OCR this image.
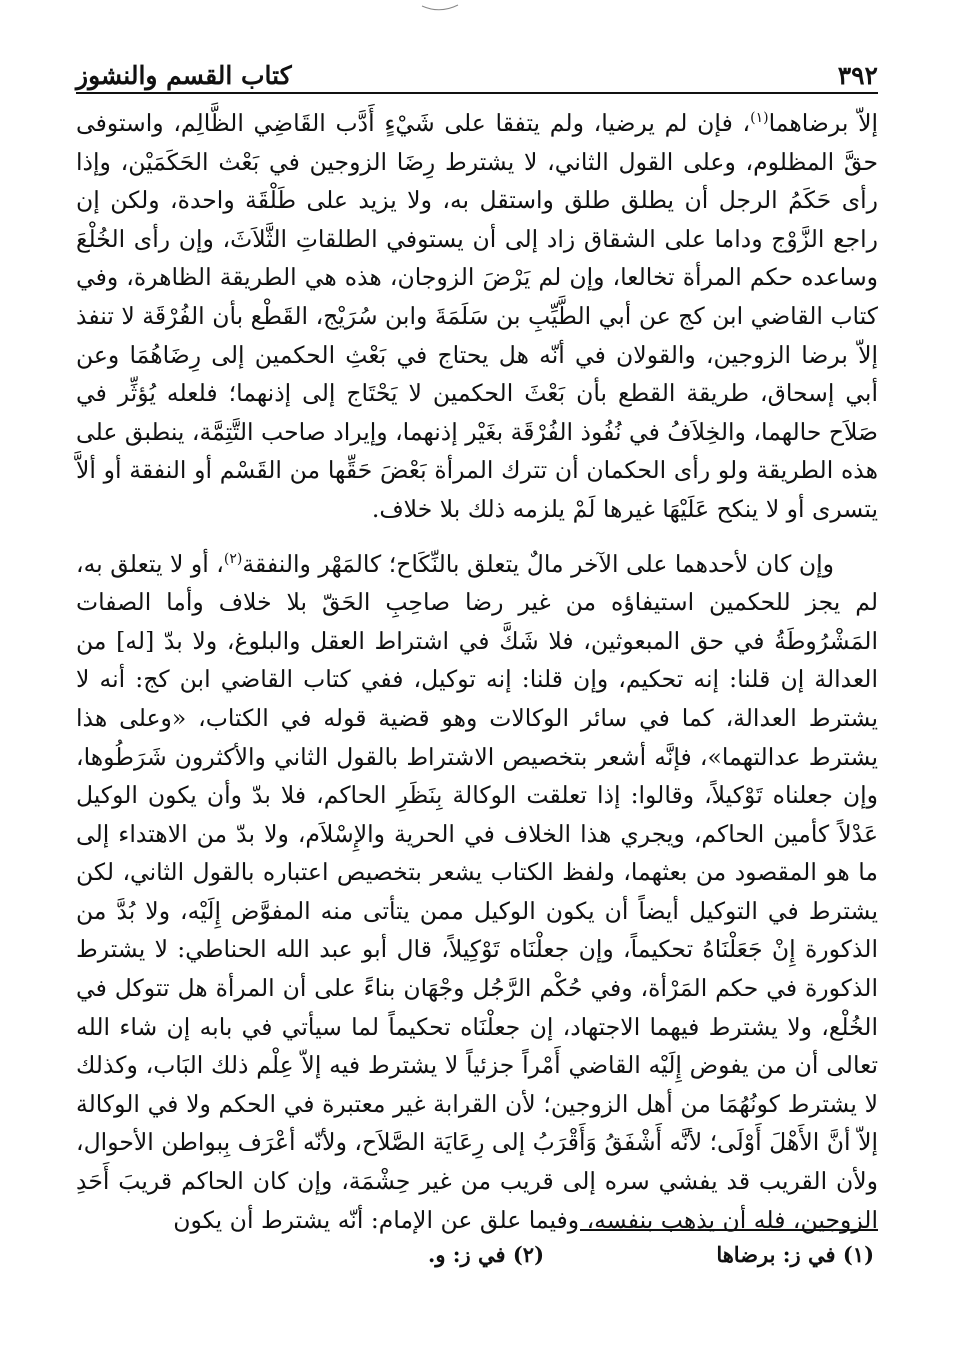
٣٩٢
كتاب القسم والنشوز

إلاّ برضاهما$^{(١)}$، فإن لم يرضيا، ولم يتفقا على شَيْءٍ أَدَّب القَاضِي الظَّالِم، واستوفى حقَّ المظلوم، وعلى القول الثاني، لا يشترط رِضَا الزوجين في بَعْث الحَكَمَيْن، وإذا رأى حَكَمُ الرجل أن يطلق طلق واستقل به، ولا يزيد على طَلْقَة واحدة، ولكن إن راجع الزَّوْج وداما على الشقاق زاد إلى أن يستوفي الطلقاتِ الثَّلاَثَ، وإن رأى الخُلْعَ وساعده حكم المرأة تخالعا، وإن لم يَرْضَ الزوجان، هذه هي الطريقة الظاهرة، وفي كتاب القاضي ابن كج عن أبي الطَّيِّبِ بن سَلَمَةَ وابن سُرَيْج، القَطْع بأن الفُرْقَة لا تنفذ إلاّ برضا الزوجين، والقولان في أنّه هل يحتاج في بَعْثِ الحكمين إلى رِضَاهُمَا وعن أبي إسحاق، طريقة القطع بأن بَعْثَ الحكمين لا يَحْتَاج إلى إذنهما؛ فلعله يُؤثِّر في صَلاَح حالهما، والخِلاَفُ في نُفُوذ الفُرْقَة بغَيْر إذنهما، وإيراد صاحب التَّتِمَّة، ينطبق على هذه الطريقة ولو رأى الحكمان أن تترك المرأة بَعْضَ حَقِّها من القَسْم أو النفقة أو ألاَّ يتسرى أو لا ينكح عَلَيْهَا غيرها لَمْ يلزمه ذلك بلا خلاف.

وإن كان لأحدهما على الآخر مالٌ يتعلق بالنِّكَاح؛ كالمَهْر والنفقة$^{(٢)}$، أو لا يتعلق به، لم يجز للحكمين استيفاؤه من غير رضا صاحِبِ الحَقّ بلا خلاف وأما الصفات المَشْرُوطَةُ في حق المبعوثين، فلا شَكَّ في اشتراط العقل والبلوغ، ولا بدّ [له] من العدالة إن قلنا: إنه تحكيم، وإن قلنا: إنه توكيل، ففي كتاب القاضي ابن كج: أنه لا يشترط العدالة، كما في سائر الوكالات وهو قضية قوله في الكتاب، «وعلى هذا يشترط عدالتهما»، فإنَّه أشعر بتخصيص الاشتراط بالقول الثاني والأكثرون شَرَطُوها، وإن جعلناه تَوْكيلاً، وقالوا: إذا تعلقت الوكالة بِنَظَرِ الحاكم، فلا بدّ وأن يكون الوكيل عَدْلاً كأمين الحاكم، ويجري هذا الخلاف في الحرية والإِسْلاَم، ولا بدّ من الاهتداء إلى ما هو المقصود من بعثهما، ولفظ الكتاب يشعر بتخصيص اعتباره بالقول الثاني، لكن يشترط في التوكيل أيضاً أن يكون الوكيل ممن يتأتى منه المفوَّض إِلَيْه، ولا بُدَّ من الذكورة إِنْ جَعَلْنَاهُ تحكيماً، وإن جعلْنَاه تَوْكِيلاً، قال أبو عبد الله الحناطي: لا يشترط الذكورة في حكم المَرْأة، وفي حُكْم الرَّجُل وجْهَان بناءً على أن المرأة هل تتوكل في الخُلْع، ولا يشترط فيهما الاجتهاد، إن جعلْنَاه تحكيماً لما سيأتي في بابه إن شاء الله تعالى أن من يفوض إِلَيْه القاضي أَمْراً جزئياً لا يشترط فيه إلاّ عِلْم ذلك البَاب، وكذلك لا يشترط كونُهُمَا من أهل الزوجين؛ لأن القرابة غير معتبرة في الحكم ولا في الوكالة إلاّ أنَّ الأَهْلَ أَوْلَى؛ لأنَّه أَشْفَقُ وَأَقْرَبُ إلى رِعَايَة الصَّلاَح، ولأنّه أعْرَف بِبواطن الأحوال، ولأن القريب قد يفشي سره إلى قريب من غير حِشْمَة، وإن كان الحاكم قريبَ أَحَدِ الزوجين، فله أن يذهب بنفسه، وفيما علق عن الإمام: أنّه يشترط أن يكون

(١) في ز: برضاها
(٢) في ز: و.
